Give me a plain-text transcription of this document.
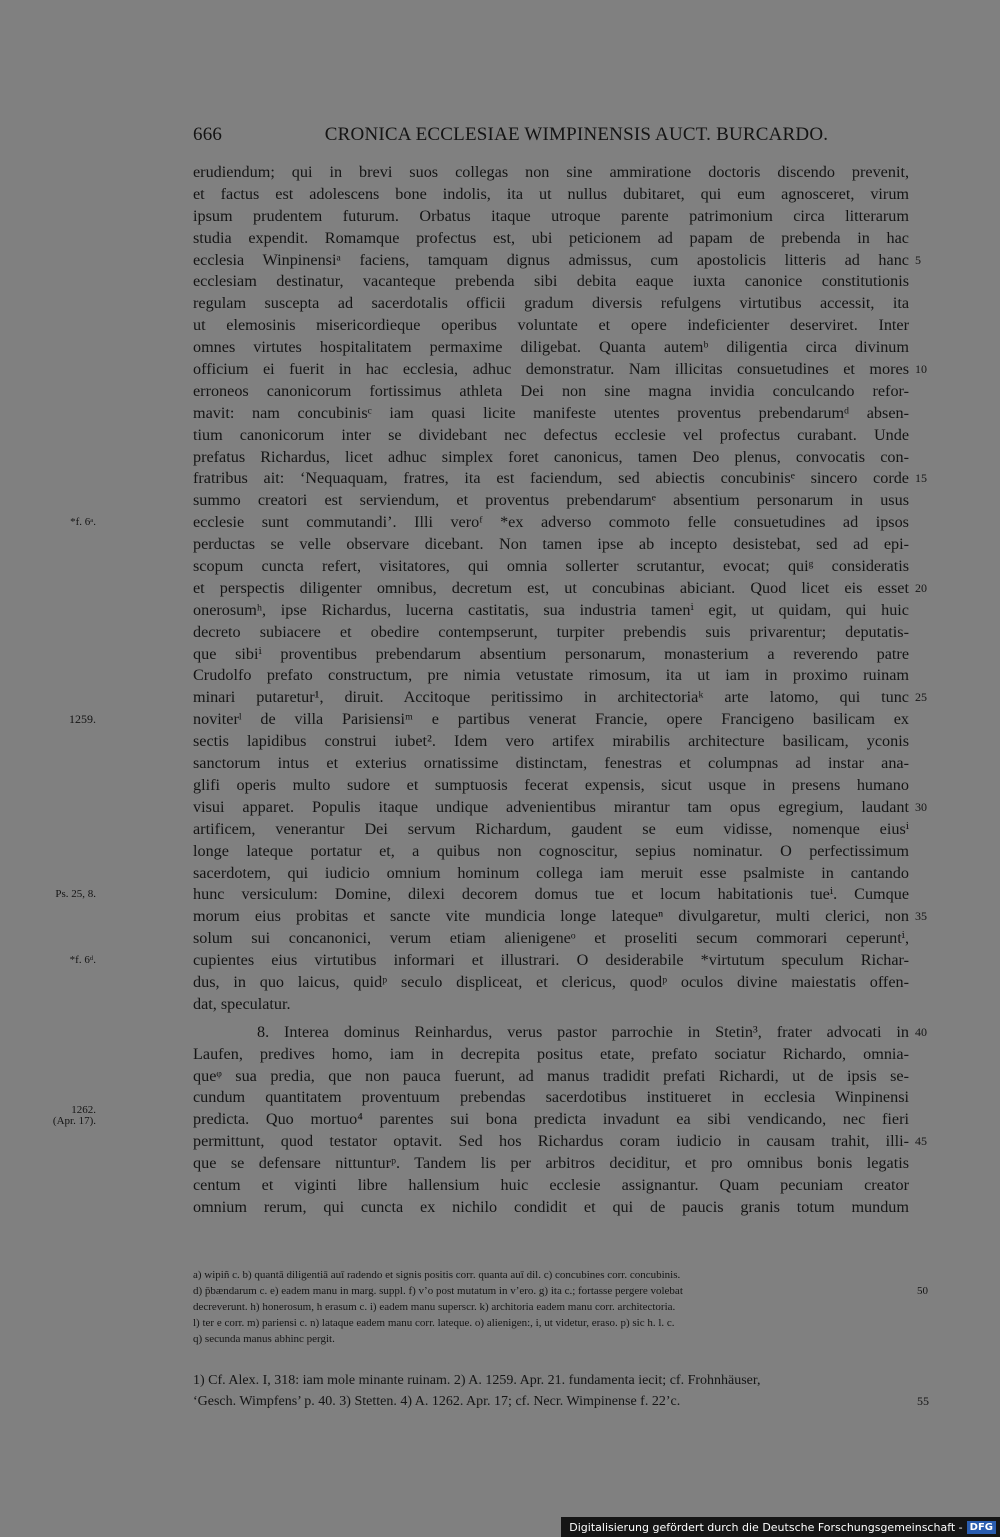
666	CRONICA ECCLESIAE WIMPINENSIS AUCT. BURCARDO.
erudiendum; qui in brevi suos collegas non sine ammiratione doctoris discendo prevenit,
et factus est adolescens bone indolis, ita ut nullus dubitaret, qui eum agnosceret, virum
ipsum prudentem futurum. Orbatus itaque utroque parente patrimonium circa litterarum
studia expendit. Romamque profectus est, ubi peticionem ad papam de prebenda in hac
ecclesia Winpinensiᵃ faciens, tamquam dignus admissus, cum apostolicis litteris ad hanc 5
ecclesiam destinatur, vacanteque prebenda sibi debita eaque iuxta canonice constitutionis
regulam suscepta ad sacerdotalis officii gradum diversis refulgens virtutibus accessit, ita
ut elemosinis misericordieque operibus voluntate et opere indeficienter deserviret. Inter
omnes virtutes hospitalitatem permaxime diligebat. Quanta autemᵇ diligentia circa divinum
officium ei fuerit in hac ecclesia, adhuc demonstratur. Nam illicitas consuetudines et mores 10
erroneos canonicorum fortissimus athleta Dei non sine magna invidia conculcando refor-
mavit: nam concubinisᶜ iam quasi licite manifeste utentes proventus prebendarumᵈ absen-
tium canonicorum inter se dividebant nec defectus ecclesie vel profectus curabant. Unde
prefatus Richardus, licet adhuc simplex foret canonicus, tamen Deo plenus, convocatis con-
fratribus ait: ‘Nequaquam, fratres, ita est faciendum, sed abiectis concubinisᵉ sincero corde 15
summo creatori est serviendum, et proventus prebendarumᵉ absentium personarum in usus
ecclesie sunt commutandi’. Illi veroᶠ *ex adverso commoto felle consuetudines ad ipsos
*f. 6ᵃ.
perductas se velle observare dicebant. Non tamen ipse ab incepto desistebat, sed ad epi-
scopum cuncta refert, visitatores, qui omnia sollerter scrutantur, evocat; quiᵍ consideratis
et perspectis diligenter omnibus, decretum est, ut concubinas abiciant. Quod licet eis esset 20
onerosumʰ, ipse Richardus, lucerna castitatis, sua industria tamenⁱ egit, ut quidam, qui huic
decreto subiacere et obedire contempserunt, turpiter prebendis suis privarentur; deputatis-
que sibiⁱ proventibus prebendarum absentium personarum, monasterium a reverendo patre
Crudolfo prefato constructum, pre nimia vetustate rimosum, ita ut iam in proximo ruinam
minari putaretur¹, diruit. Accitoque peritissimo in architectoriaᵏ arte latomo, qui tunc 25
noviterˡ de villa Parisiensiᵐ e partibus venerat Francie, opere Francigeno basilicam ex
1259.
sectis lapidibus construi iubet². Idem vero artifex mirabilis architecture basilicam, yconis
sanctorum intus et exterius ornatissime distinctam, fenestras et columpnas ad instar ana-
glifi operis multo sudore et sumptuosis fecerat expensis, sicut usque in presens humano
visui apparet. Populis itaque undique advenientibus mirantur tam opus egregium, laudant 30
artificem, venerantur Dei servum Richardum, gaudent se eum vidisse, nomenque eiusⁱ
longe lateque portatur et, a quibus non cognoscitur, sepius nominatur. O perfectissimum
sacerdotem, qui iudicio omnium hominum collega iam meruit esse psalmiste in cantando
hunc versiculum: Domine, dilexi decorem domus tue et locum habitationis tueⁱ. Cumque
Ps. 25, 8.
morum eius probitas et sancte vite mundicia longe latequeⁿ divulgaretur, multi clerici, non 35
solum sui concanonici, verum etiam alienigeneᵒ et proseliti secum commorari ceperuntⁱ,
cupientes eius virtutibus informari et illustrari. O desiderabile *virtutum speculum Richar-
*f. 6ᵈ.
dus, in quo laicus, quidᵖ seculo displiceat, et clericus, quodᵖ oculos divine maiestatis offen-
dat, speculatur.
8. Interea dominus Reinhardus, verus pastor parrochie in Stetin³, frater advocati in 40
Laufen, predives homo, iam in decrepita positus etate, prefato sociatur Richardo, omnia-
queᵠ sua predia, que non pauca fuerunt, ad manus tradidit prefati Richardi, ut de ipsis se-
cundum quantitatem proventuum prebendas sacerdotibus institueret in ecclesia Winpinensi
predicta. Quo mortuo⁴ parentes sui bona predicta invadunt ea sibi vendicando, nec fieri
1262.
(Apr. 17).
permittunt, quod testator optavit. Sed hos Richardus coram iudicio in causam trahit, illi- 45
que se defensare nittunturᵖ. Tandem lis per arbitros deciditur, et pro omnibus bonis legatis
centum et viginti libre hallensium huic ecclesie assignantur. Quam pecuniam creator
omnium rerum, qui cuncta ex nichilo condidit et qui de paucis granis totum mundum
a) wipiñ c. b) quantā diligentiā auī radendo et signis positis corr. quanta auī dil. c) concubines corr. concubinis.
d) p̄bændarum c. e) eadem manu in marg. suppl. f) v’o post mutatum in v’ero. g) ita c.; fortasse pergere volebat	50
decreverunt. h) honerosum, h erasum c. i) eadem manu superscr. k) architoria eadem manu corr. architectoria.
l) ter e corr. m) pariensi c. n) lataque eadem manu corr. lateque. o) alienigen:, i, ut videtur, eraso. p) sic h. l. c.
q) secunda manus abhinc pergit.
1) Cf. Alex. I, 318: iam mole minante ruinam. 2) A. 1259. Apr. 21. fundamenta iecit; cf. Frohnhäuser,
‘Gesch. Wimpfens’ p. 40. 3) Stetten. 4) A. 1262. Apr. 17; cf. Necr. Wimpinense f. 22’c.	55
Digitalisierung gefördert durch die Deutsche Forschungsgemeinschaft - DFG
